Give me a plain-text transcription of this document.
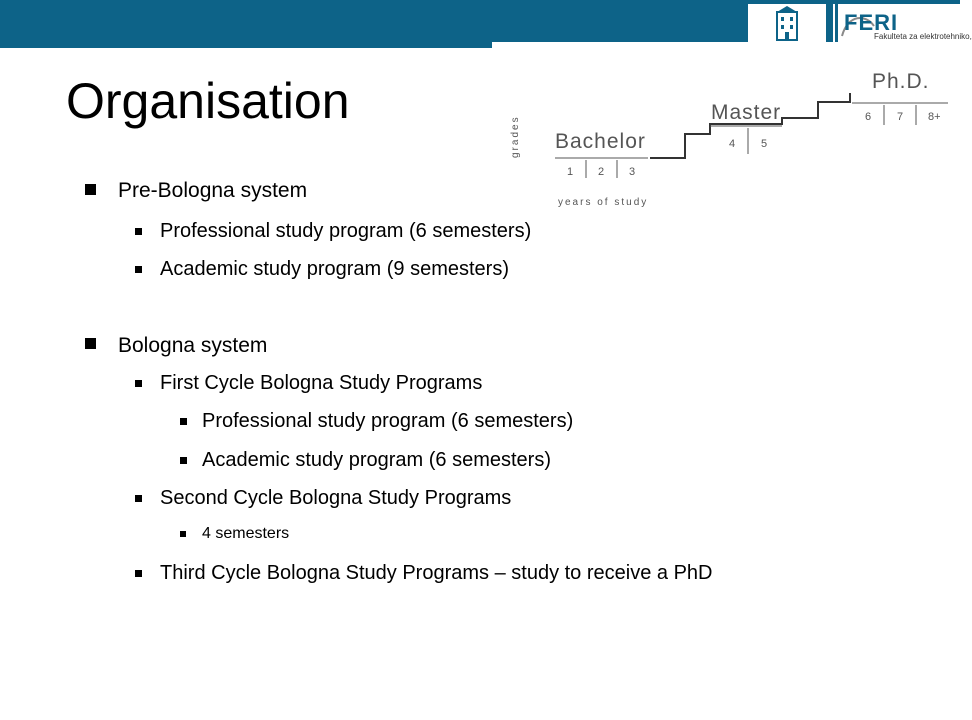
FERI
Fakulteta za elektrotehniko,
Organisation
grades
years of study
Bachelor
1 2 3
Master
4 5
Ph.D.
6 7 8+
Pre-Bologna system
Professional study program (6 semesters)
Academic study program (9 semesters)
Bologna system
First Cycle Bologna Study Programs
Professional study program (6 semesters)
Academic study program (6 semesters)
Second Cycle Bologna Study Programs
4 semesters
Third Cycle Bologna Study Programs – study to receive a PhD
